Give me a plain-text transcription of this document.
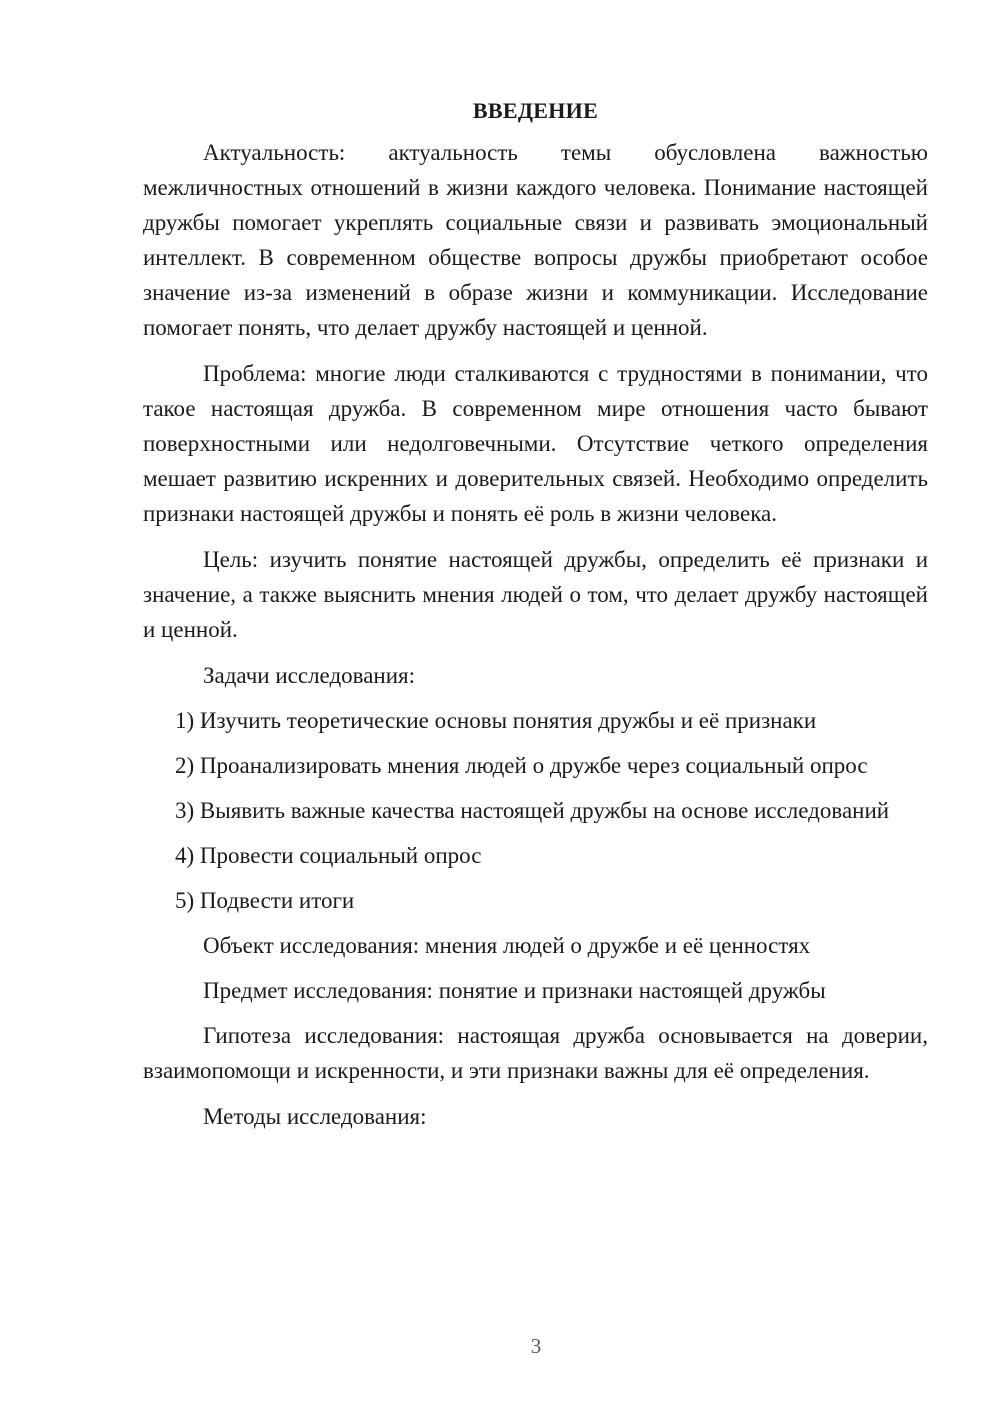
ВВЕДЕНИЕ

Актуальность: актуальность темы обусловлена важностью межличностных отношений в жизни каждого человека. Понимание настоящей дружбы помогает укреплять социальные связи и развивать эмоциональный интеллект. В современном обществе вопросы дружбы приобретают особое значение из-за изменений в образе жизни и коммуникации. Исследование помогает понять, что делает дружбу настоящей и ценной.

Проблема: многие люди сталкиваются с трудностями в понимании, что такое настоящая дружба. В современном мире отношения часто бывают поверхностными или недолговечными. Отсутствие четкого определения мешает развитию искренних и доверительных связей. Необходимо определить признаки настоящей дружбы и понять её роль в жизни человека.

Цель: изучить понятие настоящей дружбы, определить её признаки и значение, а также выяснить мнения людей о том, что делает дружбу настоящей и ценной.

Задачи исследования:
1) Изучить теоретические основы понятия дружбы и её признаки
2) Проанализировать мнения людей о дружбе через социальный опрос
3) Выявить важные качества настоящей дружбы на основе исследований
4) Провести социальный опрос
5) Подвести итоги
Объект исследования: мнения людей о дружбе и её ценностях
Предмет исследования: понятие и признаки настоящей дружбы

Гипотеза исследования: настоящая дружба основывается на доверии, взаимопомощи и искренности, и эти признаки важны для её определения.

Методы исследования:
3
